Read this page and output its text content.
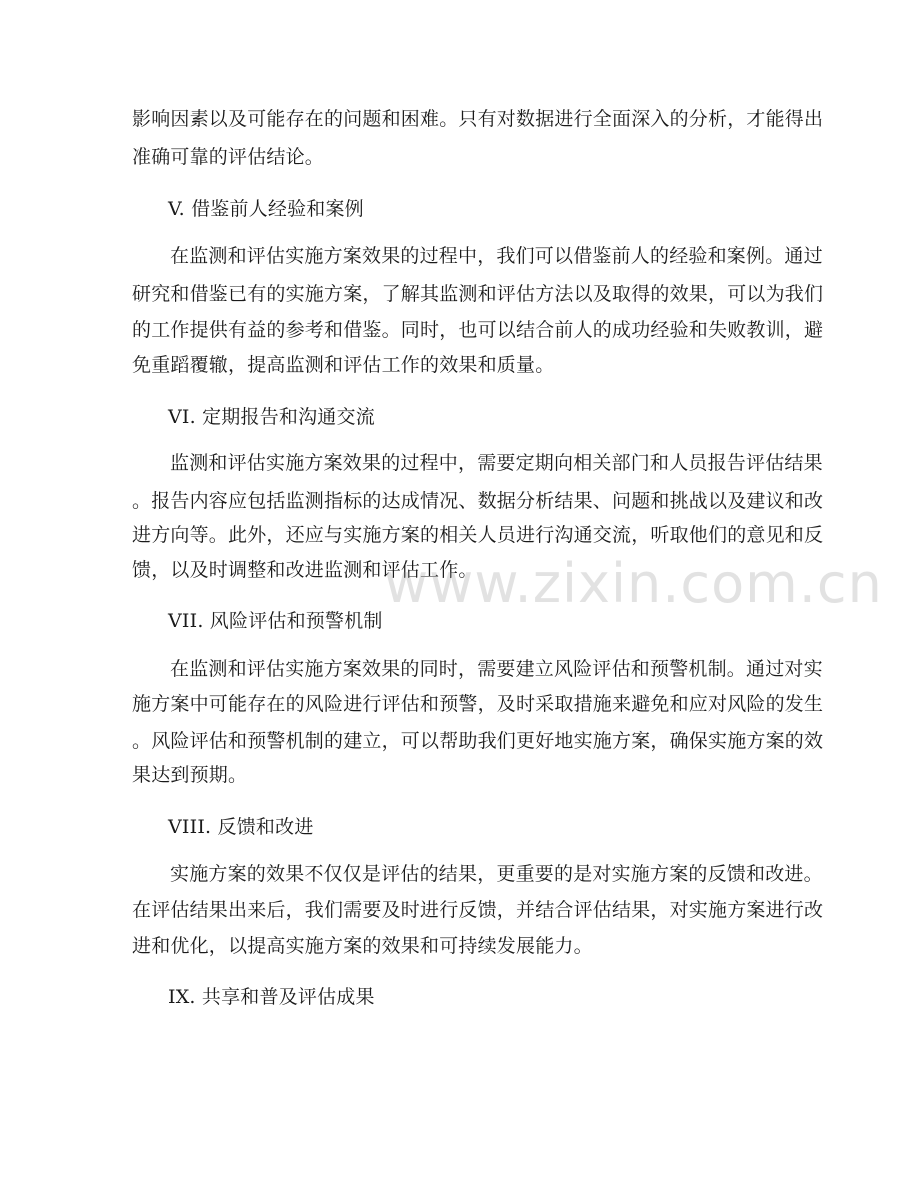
影响因素以及可能存在的问题和困难。只有对数据进行全面深入的分析，才能得出
准确可靠的评估结论。
V. 借鉴前人经验和案例
在监测和评估实施方案效果的过程中，我们可以借鉴前人的经验和案例。通过
研究和借鉴已有的实施方案，了解其监测和评估方法以及取得的效果，可以为我们
的工作提供有益的参考和借鉴。同时，也可以结合前人的成功经验和失败教训，避
免重蹈覆辙，提高监测和评估工作的效果和质量。
VI. 定期报告和沟通交流
监测和评估实施方案效果的过程中，需要定期向相关部门和人员报告评估结果
。报告内容应包括监测指标的达成情况、数据分析结果、问题和挑战以及建议和改
进方向等。此外，还应与实施方案的相关人员进行沟通交流，听取他们的意见和反
馈，以及时调整和改进监测和评估工作。
VII. 风险评估和预警机制
在监测和评估实施方案效果的同时，需要建立风险评估和预警机制。通过对实
施方案中可能存在的风险进行评估和预警，及时采取措施来避免和应对风险的发生
。风险评估和预警机制的建立，可以帮助我们更好地实施方案，确保实施方案的效
果达到预期。
VIII. 反馈和改进
实施方案的效果不仅仅是评估的结果，更重要的是对实施方案的反馈和改进。
在评估结果出来后，我们需要及时进行反馈，并结合评估结果，对实施方案进行改
进和优化，以提高实施方案的效果和可持续发展能力。
IX. 共享和普及评估成果
www.zixin.com.cn
